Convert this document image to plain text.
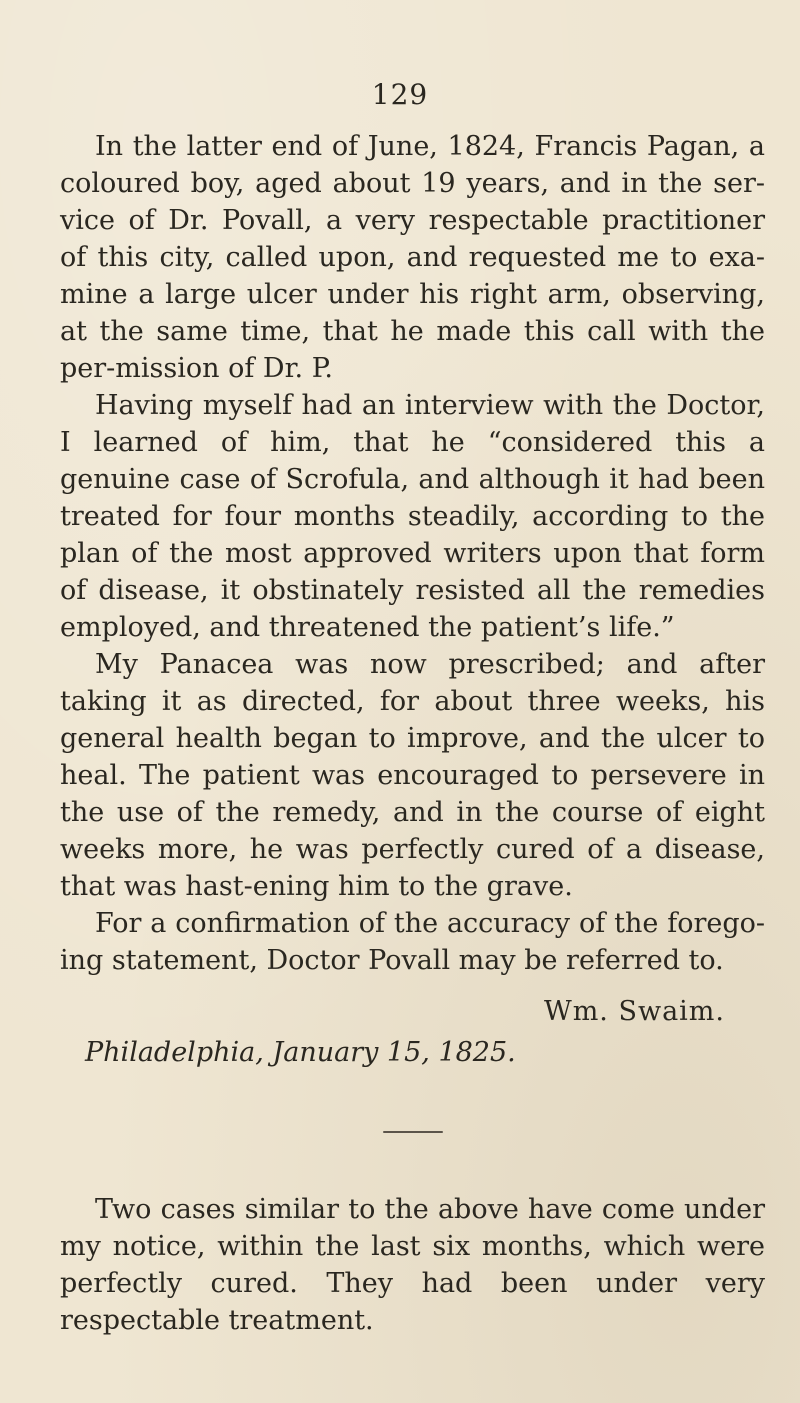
129

In the latter end of June, 1824, Francis Pagan, a coloured boy, aged about 19 years, and in the ser-vice of Dr. Povall, a very respectable practitioner of this city, called upon, and requested me to exa-mine a large ulcer under his right arm, observing, at the same time, that he made this call with the per-mission of Dr. P.

Having myself had an interview with the Doctor, I learned of him, that he “considered this a genuine case of Scrofula, and although it had been treated for four months steadily, according to the plan of the most approved writers upon that form of disease, it obstinately resisted all the remedies employed, and threatened the patient’s life.”

My Panacea was now prescribed; and after taking it as directed, for about three weeks, his general health began to improve, and the ulcer to heal. The patient was encouraged to persevere in the use of the remedy, and in the course of eight weeks more, he was perfectly cured of a disease, that was hast-ening him to the grave.

For a confirmation of the accuracy of the forego-ing statement, Doctor Povall may be referred to.

Wm. Swaim.
Philadelphia, January 15, 1825.

Two cases similar to the above have come under my notice, within the last six months, which were perfectly cured. They had been under very respectable treatment.
